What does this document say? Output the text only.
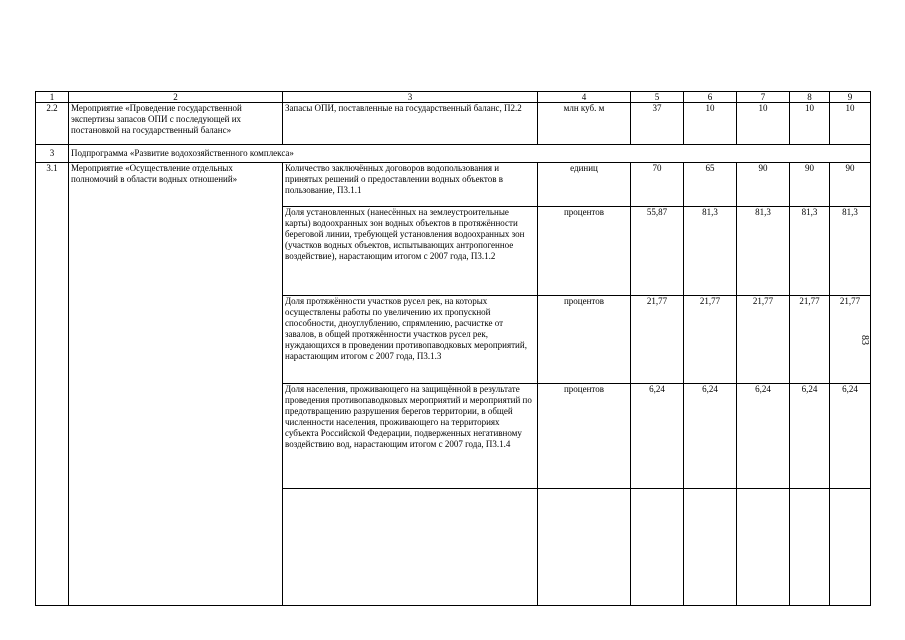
1	2	3	4	5	6	7	8	9
2.2	Мероприятие «Проведение государственной экспертизы запасов ОПИ с последующей их постановкой на государственный баланс»	Запасы ОПИ, поставленные на государственный баланс, П2.2	млн куб. м	37	10	10	10	10
3	Подпрограмма «Развитие водохозяйственного комплекса»							
3.1	Мероприятие «Осуществление отдельных полномочий в области водных отношений»	Количество заключённых договоров водопользования и принятых решений о предоставлении водных объектов в пользование, П3.1.1	единиц	70	65	90	90	90
		Доля установленных (нанесённых на землеустроительные карты) водоохранных зон водных объектов в протяжённости береговой линии, требующей установления водоохранных зон (участков водных объектов, испытывающих антропогенное воздействие), нарастающим итогом с 2007 года, П3.1.2	процентов	55,87	81,3	81,3	81,3	81,3
		Доля протяжённости участков русел рек, на которых осуществлены работы по увеличению их пропускной способности, дноуглублению, спрямлению, расчистке от завалов, в общей протяжённости участков русел рек, нуждающихся в проведении противопаводковых мероприятий, нарастающим итогом с 2007 года, П3.1.3	процентов	21,77	21,77	21,77	21,77	21,77
		Доля населения, проживающего на защищённой в результате проведения противопаводковых мероприятий и мероприятий по предотвращению разрушения берегов территории, в общей численности населения, проживающего на территориях субъекта Российской Федерации, подверженных негативному воздействию вод, нарастающим итогом с 2007 года, П3.1.4	процентов	6,24	6,24	6,24	6,24	6,24

83
